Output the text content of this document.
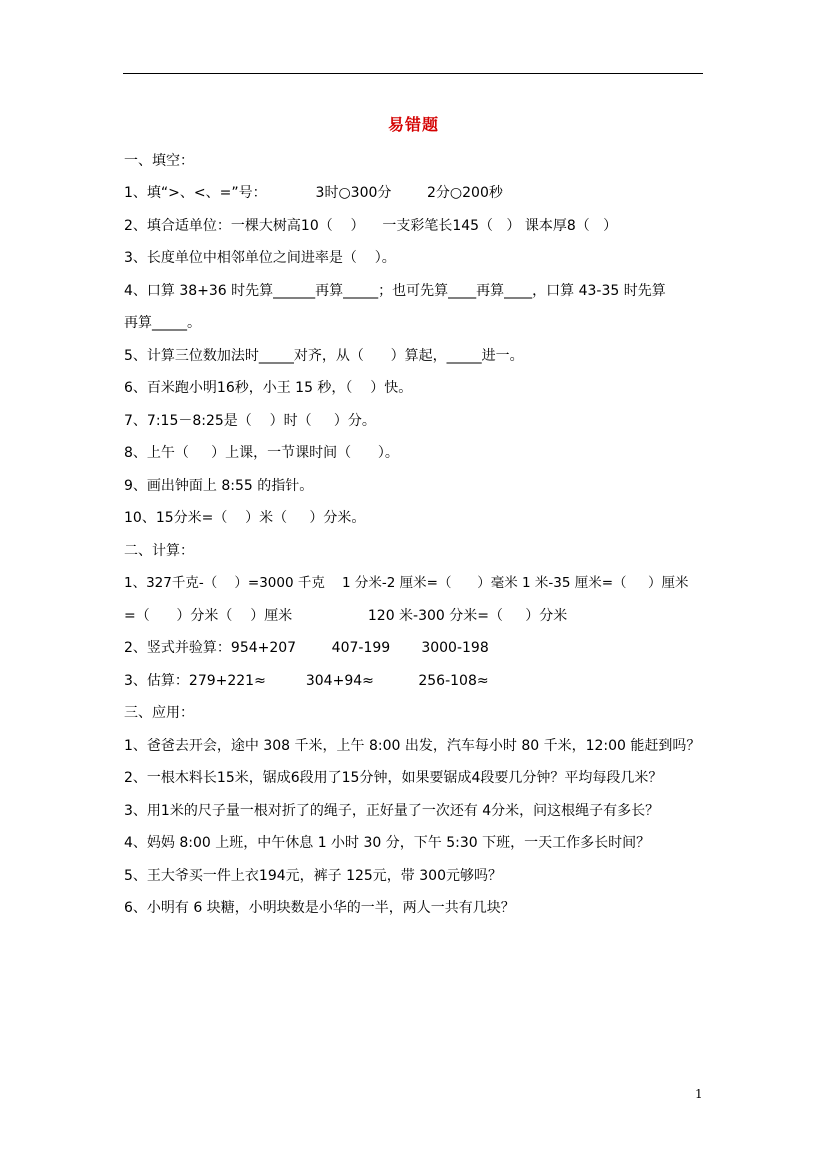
易错题
一、填空：
1、填“>、<、=”号：           3时○300分        2分○200秒
2、填合适单位：一棵大树高10（    ）    一支彩笔长145（   ） 课本厚8（   ）
3、长度单位中相邻单位之间进率是（    ）。
4、口算 38+36 时先算______再算_____；也可先算____再算____，口算 43-35 时先算
再算_____。
5、计算三位数加法时_____对齐，从（      ）算起，_____进一。
6、百米跑小明16秒，小王 15 秒，（    ）快。
7、7:15－8:25是（    ）时（     ）分。
8、上午（     ）上课，一节课时间（      ）。
9、画出钟面上 8:55 的指针。
10、15分米=（    ）米（     ）分米。
二、计算：
1、327千克-（    ）=3000 千克    1 分米-2 厘米=（      ）毫米 1 米-35 厘米=（     ）厘米
=（      ）分米（    ）厘米                 120 米-300 分米=（     ）分米
2、竖式并验算：954+207        407-199       3000-198
3、估算：279+221≈         304+94≈          256-108≈
三、应用：
1、爸爸去开会，途中 308 千米，上午 8:00 出发，汽车每小时 80 千米，12:00 能赶到吗？
2、一根木料长15米，锯成6段用了15分钟，如果要锯成4段要几分钟？平均每段几米？
3、用1米的尺子量一根对折了的绳子，正好量了一次还有 4分米，问这根绳子有多长？
4、妈妈 8:00 上班，中午休息 1 小时 30 分，下午 5:30 下班，一天工作多长时间？
5、王大爷买一件上衣194元，裤子 125元，带 300元够吗？
6、小明有 6 块糖，小明块数是小华的一半，两人一共有几块？
1
